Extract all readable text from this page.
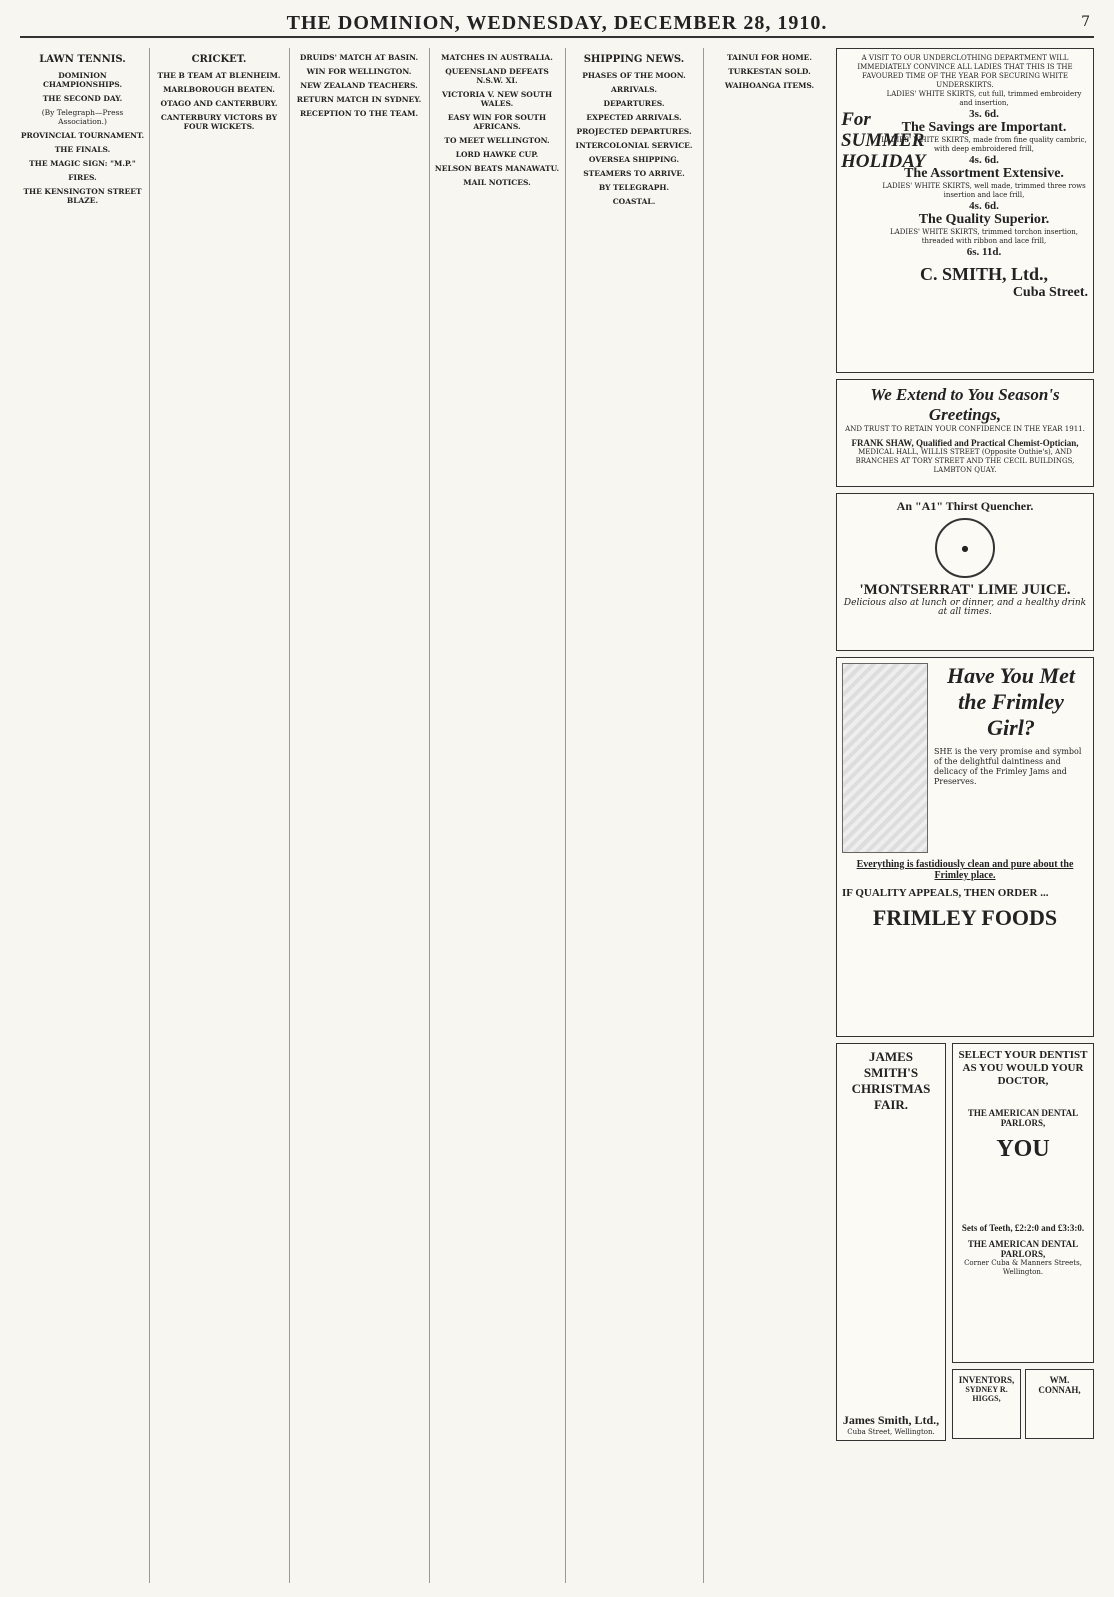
THE DOMINION, WEDNESDAY, DECEMBER 28, 1910.	7
LAWN TENNIS.
DOMINION CHAMPIONSHIPS.
THE SECOND DAY.
(By Telegraph—Press Association.)
PROVINCIAL TOURNAMENT.
THE FINALS.
THE MAGIC SIGN: "M.P."
FIRES.
THE KENSINGTON STREET BLAZE.
CRICKET.
THE B TEAM AT BLENHEIM.
MARLBOROUGH BEATEN.
OTAGO AND CANTERBURY.
CANTERBURY VICTORS BY FOUR WICKETS.
DRUIDS' MATCH AT BASIN.
WIN FOR WELLINGTON.
NEW ZEALAND TEACHERS.
RETURN MATCH IN SYDNEY.
RECEPTION TO THE TEAM.
MATCHES IN AUSTRALIA.
QUEENSLAND DEFEATS N.S.W. XI.
VICTORIA V. NEW SOUTH WALES.
EASY WIN FOR SOUTH AFRICANS.
TO MEET WELLINGTON.
LORD HAWKE CUP.
NELSON BEATS MANAWATU.
MAIL NOTICES.
SHIPPING NEWS.
PHASES OF THE MOON.
ARRIVALS.
DEPARTURES.
EXPECTED ARRIVALS.
PROJECTED DEPARTURES.
INTERCOLONIAL SERVICE.
OVERSEA SHIPPING.
STEAMERS TO ARRIVE.
BY TELEGRAPH.
COASTAL.
TAINUI FOR HOME.
TURKESTAN SOLD.
WAIHOANGA ITEMS.
A VISIT TO OUR UNDERCLOTHING DEPARTMENT WILL IMMEDIATELY CONVINCE ALL LADIES THAT THIS IS THE FAVOURED TIME OF THE YEAR FOR SECURING WHITE UNDERSKIRTS.
For SUMMER HOLIDAY
LADIES' WHITE SKIRTS, cut full, trimmed embroidery and insertion,
3s. 6d.
The Savings are Important.
LADIES' WHITE SKIRTS, made from fine quality cambric, with deep embroidered frill,
4s. 6d.
The Assortment Extensive.
LADIES' WHITE SKIRTS, well made, trimmed three rows insertion and lace frill,
4s. 6d.
The Quality Superior.
LADIES' WHITE SKIRTS, trimmed torchon insertion, threaded with ribbon and lace frill,
6s. 11d.
C. SMITH, Ltd.,
Cuba Street.
We Extend to You Season's Greetings,
AND TRUST TO RETAIN YOUR CONFIDENCE IN THE YEAR 1911.
FRANK SHAW, Qualified and Practical Chemist-Optician,
MEDICAL HALL, WILLIS STREET (Opposite Outhie's), AND BRANCHES AT TORY STREET AND THE CECIL BUILDINGS, LAMBTON QUAY.
An "A1" Thirst Quencher.
●
'MONTSERRAT' LIME JUICE.
Delicious also at lunch or dinner, and a healthy drink at all times.
Have You Met the Frimley Girl?
SHE is the very promise and symbol of the delightful daintiness and delicacy of the Frimley Jams and Preserves.
Everything is fastidiously clean and pure about the Frimley place.
IF QUALITY APPEALS, THEN ORDER ...
FRIMLEY FOODS
JAMES SMITH'S CHRISTMAS FAIR.
James Smith, Ltd.,
Cuba Street, Wellington.
SELECT YOUR DENTIST AS YOU WOULD YOUR DOCTOR,
THE AMERICAN DENTAL PARLORS,
YOU
Sets of Teeth, £2:2:0 and £3:3:0.
THE AMERICAN DENTAL PARLORS,
Corner Cuba & Manners Streets, Wellington.
INVENTORS,
SYDNEY R. HIGGS,
WM. CONNAH,
